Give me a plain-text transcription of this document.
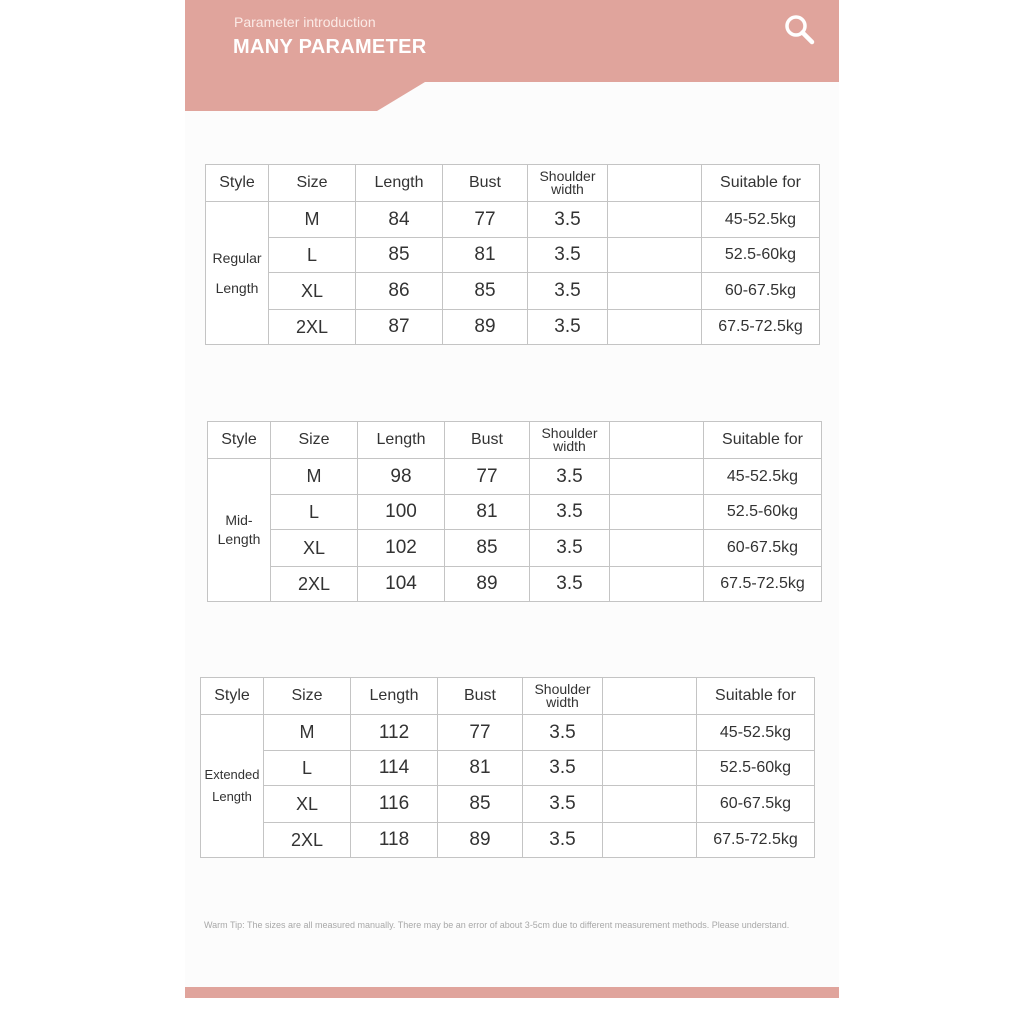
Parameter introduction
MANY PARAMETER
Style	Size	Length	Bust	Shoulder width		Suitable for
Regular Length	M	84	77	3.5		45-52.5kg
	L	85	81	3.5		52.5-60kg
	XL	86	85	3.5		60-67.5kg
	2XL	87	89	3.5		67.5-72.5kg
Style	Size	Length	Bust	Shoulder width		Suitable for
Mid-Length	M	98	77	3.5		45-52.5kg
	L	100	81	3.5		52.5-60kg
	XL	102	85	3.5		60-67.5kg
	2XL	104	89	3.5		67.5-72.5kg
Style	Size	Length	Bust	Shoulder width		Suitable for
Extended Length	M	112	77	3.5		45-52.5kg
	L	114	81	3.5		52.5-60kg
	XL	116	85	3.5		60-67.5kg
	2XL	118	89	3.5		67.5-72.5kg
Warm Tip: The sizes are all measured manually. There may be an error of about 3-5cm due to different measurement methods. Please understand.
